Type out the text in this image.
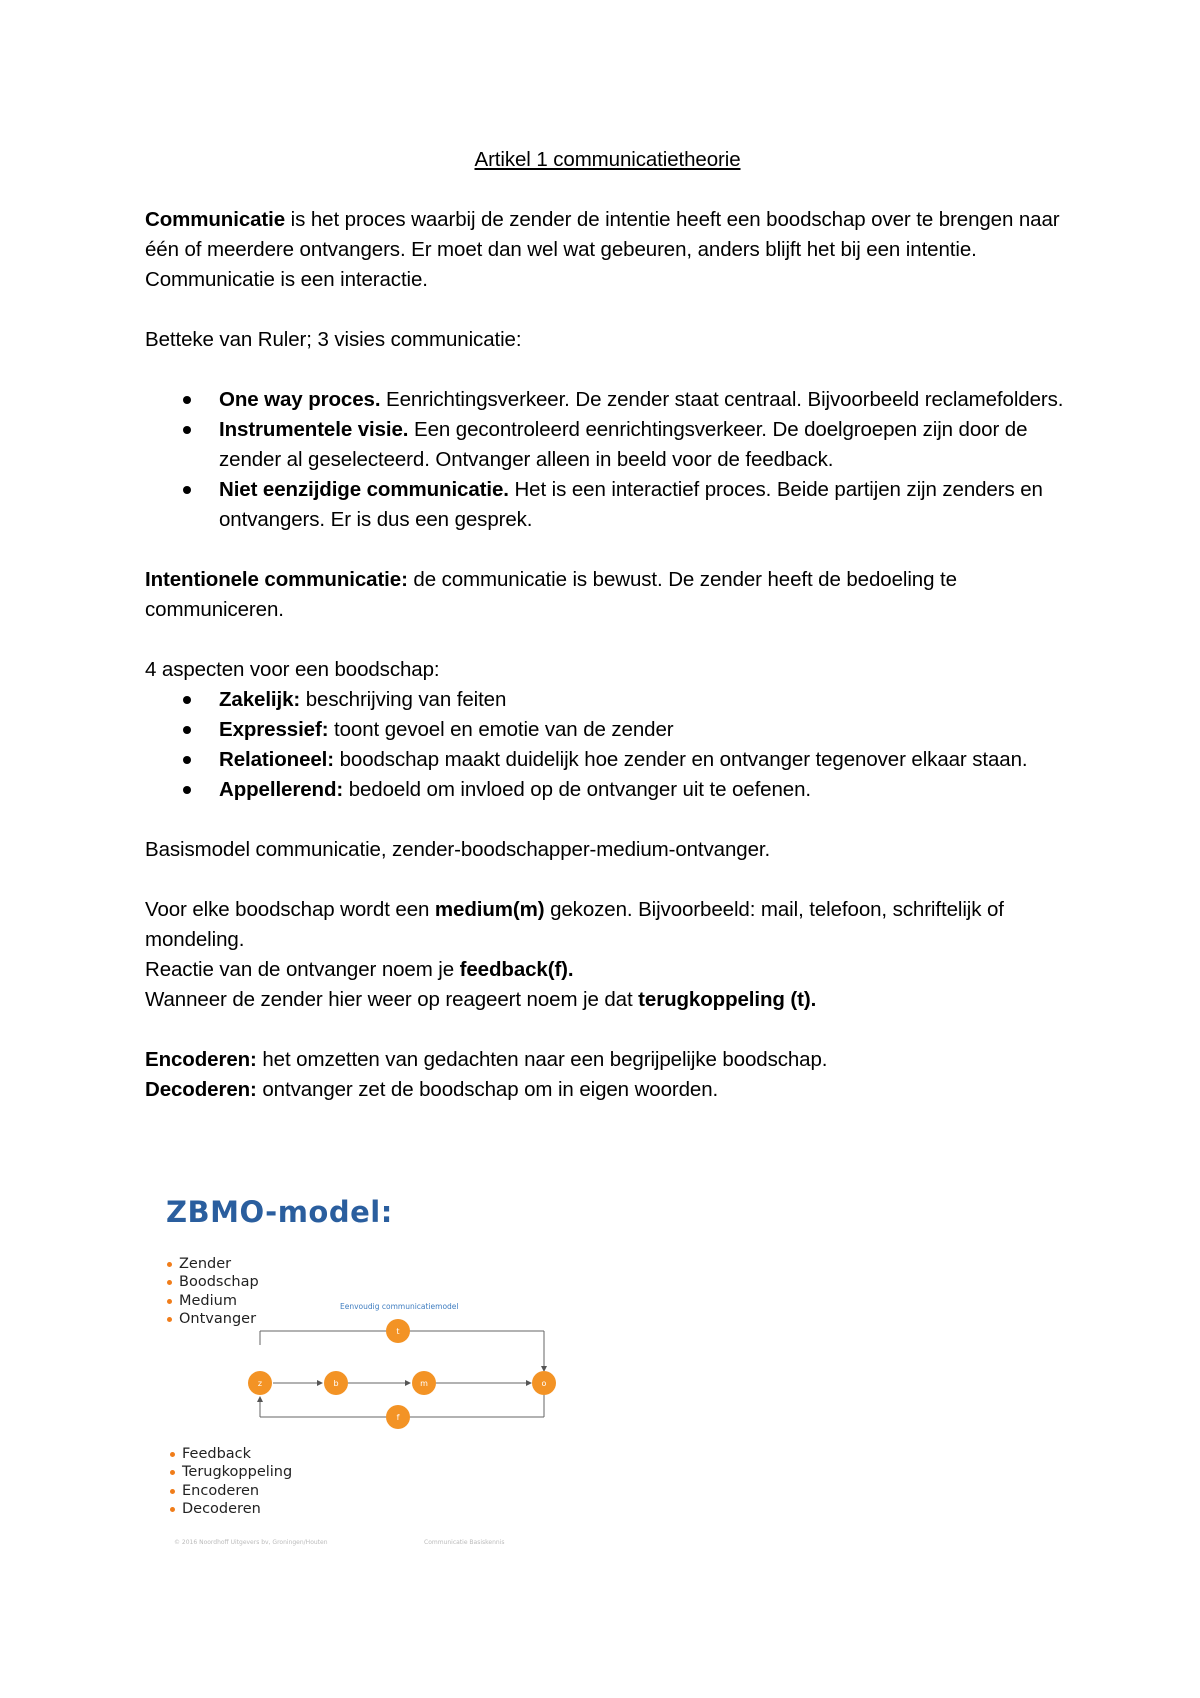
Artikel 1 communicatietheorie

Communicatie is het proces waarbij de zender de intentie heeft een boodschap over te brengen naar één of meerdere ontvangers. Er moet dan wel wat gebeuren, anders blijft het bij een intentie. Communicatie is een interactie.

Betteke van Ruler; 3 visies communicatie:

One way proces. Eenrichtingsverkeer. De zender staat centraal. Bijvoorbeeld reclamefolders.
Instrumentele visie. Een gecontroleerd eenrichtingsverkeer. De doelgroepen zijn door de zender al geselecteerd. Ontvanger alleen in beeld voor de feedback.
Niet eenzijdige communicatie. Het is een interactief proces. Beide partijen zijn zenders en ontvangers. Er is dus een gesprek.

Intentionele communicatie: de communicatie is bewust. De zender heeft de bedoeling te communiceren.

4 aspecten voor een boodschap:

Zakelijk: beschrijving van feiten
Expressief: toont gevoel en emotie van de zender
Relationeel: boodschap maakt duidelijk hoe zender en ontvanger tegenover elkaar staan.
Appellerend: bedoeld om invloed op de ontvanger uit te oefenen.

Basismodel communicatie, zender-boodschapper-medium-ontvanger.

Voor elke boodschap wordt een medium(m) gekozen. Bijvoorbeeld: mail, telefoon, schriftelijk of mondeling.

Reactie van de ontvanger noem je feedback(f).

Wanneer de zender hier weer op reageert noem je dat terugkoppeling (t).

Encoderen: het omzetten van gedachten naar een begrijpelijke boodschap.

Decoderen: ontvanger zet de boodschap om in eigen woorden.

ZBMO-model:
Zender
Boodschap
Medium
Ontvanger
Eenvoudig communicatiemodel
t
z	b	m	o
f
Feedback
Terugkoppeling
Encoderen
Decoderen
© 2016 Noordhoff Uitgevers bv, Groningen/Houten	Communicatie Basiskennis
